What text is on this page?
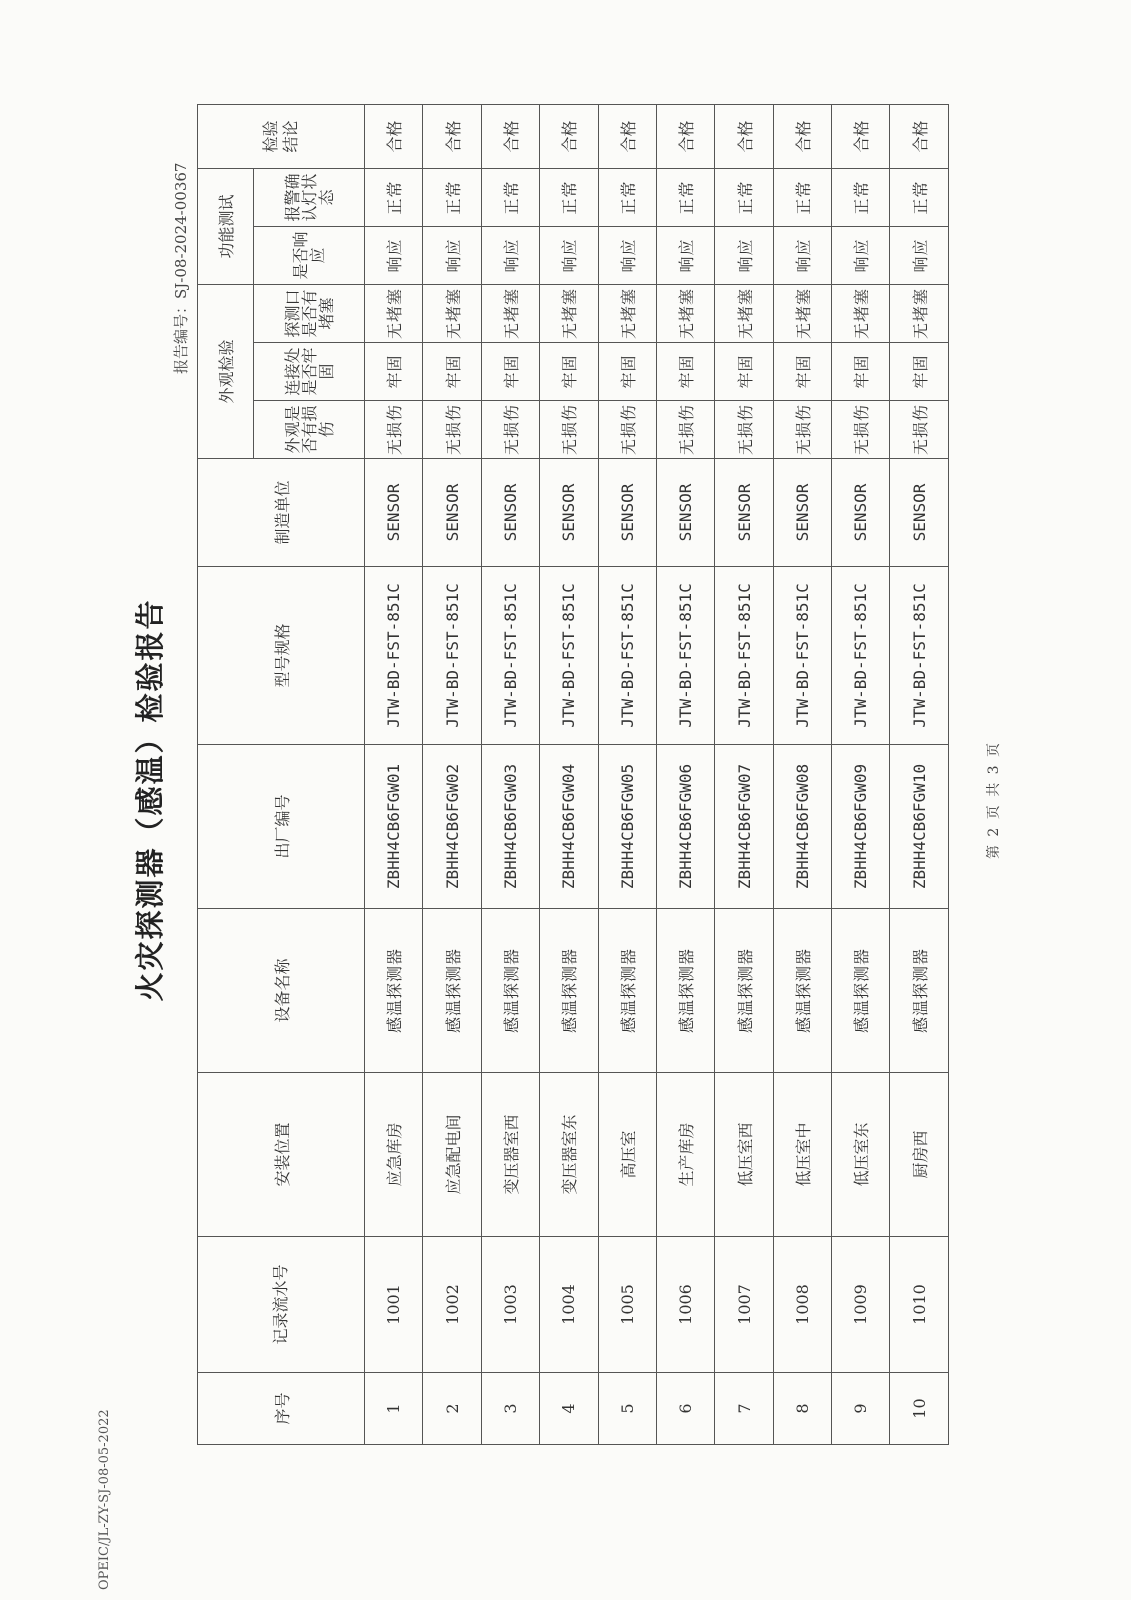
OPEIC/JL-ZY-SJ-08-05-2022
火灾探测器（感温）检验报告
报告编号：SJ-08-2024-00367
序号	记录流水号	安装位置	设备名称	出厂编号	型号规格	制造单位	外观检验			功能测试		检验结论
							外观是否有损伤	连接处是否牢固	探测口是否有堵塞	是否响应	报警确认灯状态	
1	1001	应急库房	感温探测器	ZBHH4CB6FGW01	JTW-BD-FST-851C	SENSOR	无损伤	牢固	无堵塞	响应	正常	合格
2	1002	应急配电间	感温探测器	ZBHH4CB6FGW02	JTW-BD-FST-851C	SENSOR	无损伤	牢固	无堵塞	响应	正常	合格
3	1003	变压器室西	感温探测器	ZBHH4CB6FGW03	JTW-BD-FST-851C	SENSOR	无损伤	牢固	无堵塞	响应	正常	合格
4	1004	变压器室东	感温探测器	ZBHH4CB6FGW04	JTW-BD-FST-851C	SENSOR	无损伤	牢固	无堵塞	响应	正常	合格
5	1005	高压室	感温探测器	ZBHH4CB6FGW05	JTW-BD-FST-851C	SENSOR	无损伤	牢固	无堵塞	响应	正常	合格
6	1006	生产库房	感温探测器	ZBHH4CB6FGW06	JTW-BD-FST-851C	SENSOR	无损伤	牢固	无堵塞	响应	正常	合格
7	1007	低压室西	感温探测器	ZBHH4CB6FGW07	JTW-BD-FST-851C	SENSOR	无损伤	牢固	无堵塞	响应	正常	合格
8	1008	低压室中	感温探测器	ZBHH4CB6FGW08	JTW-BD-FST-851C	SENSOR	无损伤	牢固	无堵塞	响应	正常	合格
9	1009	低压室东	感温探测器	ZBHH4CB6FGW09	JTW-BD-FST-851C	SENSOR	无损伤	牢固	无堵塞	响应	正常	合格
10	1010	厨房西	感温探测器	ZBHH4CB6FGW10	JTW-BD-FST-851C	SENSOR	无损伤	牢固	无堵塞	响应	正常	合格
第 2 页 共 3 页
